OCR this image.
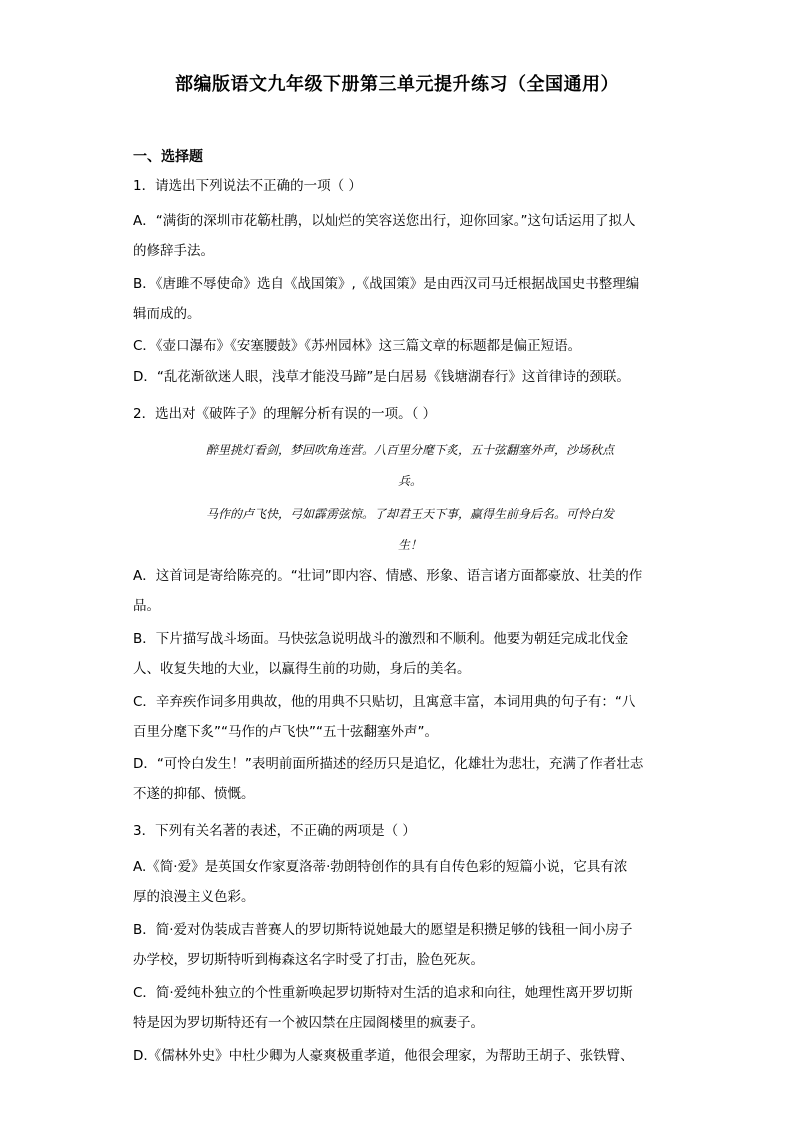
部编版语文九年级下册第三单元提升练习（全国通用）
一、选择题
1．请选出下列说法不正确的一项（ ）
A．“满街的深圳市花簕杜鹃，以灿烂的笑容送您出行，迎你回家。”这句话运用了拟人
的修辞手法。
B．《唐雎不辱使命》选自《战国策》,《战国策》是由西汉司马迁根据战国史书整理编
辑而成的。
C．《壶口瀑布》《安塞腰鼓》《苏州园林》这三篇文章的标题都是偏正短语。
D．“乱花渐欲迷人眼，浅草才能没马蹄”是白居易《钱塘湖春行》这首律诗的颈联。
2．选出对《破阵子》的理解分析有误的一项。（ ）
醉里挑灯看剑，梦回吹角连营。八百里分麾下炙，五十弦翻塞外声，沙场秋点
兵。
马作的卢飞快，弓如霹雳弦惊。了却君王天下事，赢得生前身后名。可怜白发
生！
A．这首词是寄给陈亮的。“壮词”即内容、情感、形象、语言诸方面都豪放、壮美的作
品。
B．下片描写战斗场面。马快弦急说明战斗的激烈和不顺利。他要为朝廷完成北伐金
人、收复失地的大业，以赢得生前的功勋，身后的美名。
C．辛弃疾作词多用典故，他的用典不只贴切，且寓意丰富，本词用典的句子有：“八
百里分麾下炙”“马作的卢飞快”“五十弦翻塞外声”。
D．“可怜白发生！”表明前面所描述的经历只是追忆，化雄壮为悲壮，充满了作者壮志
不遂的抑郁、愤慨。
3．下列有关名著的表述，不正确的两项是（ ）
A.《简·爱》是英国女作家夏洛蒂·勃朗特创作的具有自传色彩的短篇小说，它具有浓
厚的浪漫主义色彩。
B．简·爱对伪装成吉普赛人的罗切斯特说她最大的愿望是积攒足够的钱租一间小房子
办学校，罗切斯特听到梅森这名字时受了打击，脸色死灰。
C．简·爱纯朴独立的个性重新唤起罗切斯特对生活的追求和向往，她理性离开罗切斯
特是因为罗切斯特还有一个被囚禁在庄园阁楼里的疯妻子。
D.《儒林外史》中杜少卿为人豪爽极重孝道，他很会理家，为帮助王胡子、张铁臂、
